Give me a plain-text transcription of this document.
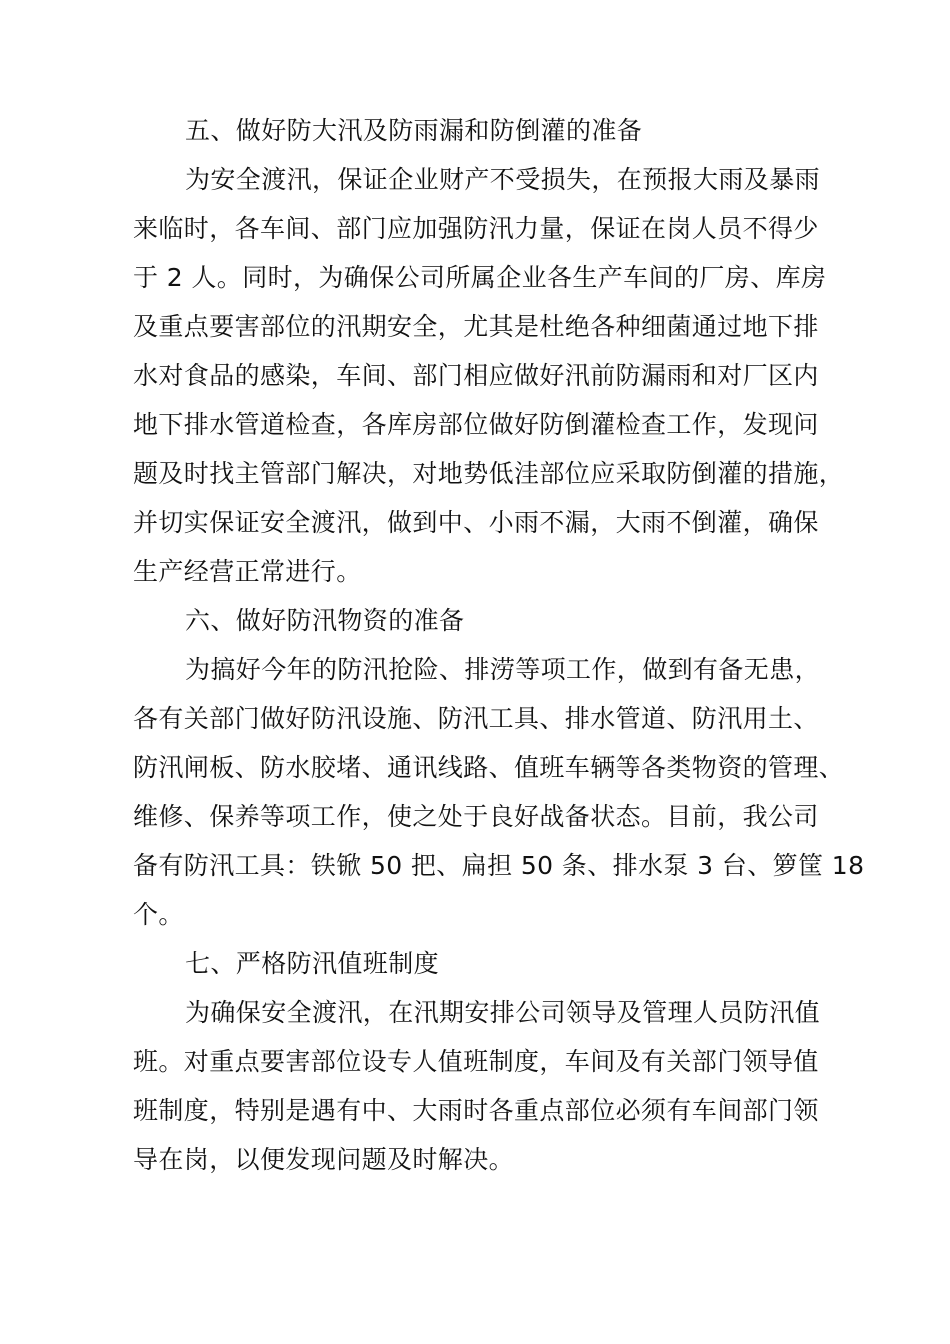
五、做好防大汛及防雨漏和防倒灌的准备
为安全渡汛，保证企业财产不受损失，在预报大雨及暴雨
来临时，各车间、部门应加强防汛力量，保证在岗人员不得少
于 2 人。同时，为确保公司所属企业各生产车间的厂房、库房
及重点要害部位的汛期安全，尤其是杜绝各种细菌通过地下排
水对食品的感染，车间、部门相应做好汛前防漏雨和对厂区内
地下排水管道检查，各库房部位做好防倒灌检查工作，发现问
题及时找主管部门解决，对地势低洼部位应采取防倒灌的措施，
并切实保证安全渡汛，做到中、小雨不漏，大雨不倒灌，确保
生产经营正常进行。
六、做好防汛物资的准备
为搞好今年的防汛抢险、排涝等项工作，做到有备无患，
各有关部门做好防汛设施、防汛工具、排水管道、防汛用土、
防汛闸板、防水胶堵、通讯线路、值班车辆等各类物资的管理、
维修、保养等项工作，使之处于良好战备状态。目前，我公司
备有防汛工具：铁锨 50 把、扁担 50 条、排水泵 3 台、箩筐 18
个。
七、严格防汛值班制度
为确保安全渡汛，在汛期安排公司领导及管理人员防汛值
班。对重点要害部位设专人值班制度，车间及有关部门领导值
班制度，特别是遇有中、大雨时各重点部位必须有车间部门领
导在岗，以便发现问题及时解决。
